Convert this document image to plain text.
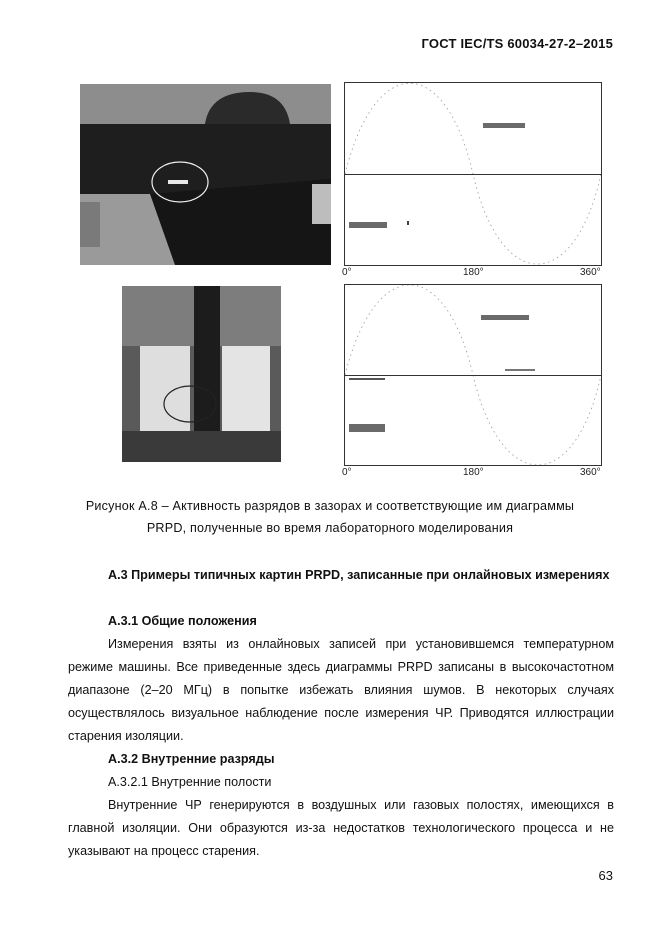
ГОСТ IEC/TS 60034-27-2–2015
0°	180°	360°
0°	180°	360°
Рисунок А.8 – Активность разрядов в зазорах и соответствующие им диаграммы
PRPD, полученные во время лабораторного моделирования
А.3 Примеры типичных картин PRPD, записанные при онлайновых измерениях
А.3.1 Общие положения
Измерения взяты из онлайновых записей при установившемся температурном режиме машины. Все приведенные здесь диаграммы PRPD записаны в высокочастотном диапазоне (2–20 МГц) в попытке избежать влияния шумов. В некоторых случаях осуществлялось визуальное наблюдение после измерения ЧР. Приводятся иллюстрации старения изоляции.
А.3.2 Внутренние разряды
А.3.2.1 Внутренние полости
Внутренние ЧР генерируются в воздушных или газовых полостях, имеющихся в главной изоляции. Они образуются из-за недостатков технологического процесса и не указывают на процесс старения.
63
